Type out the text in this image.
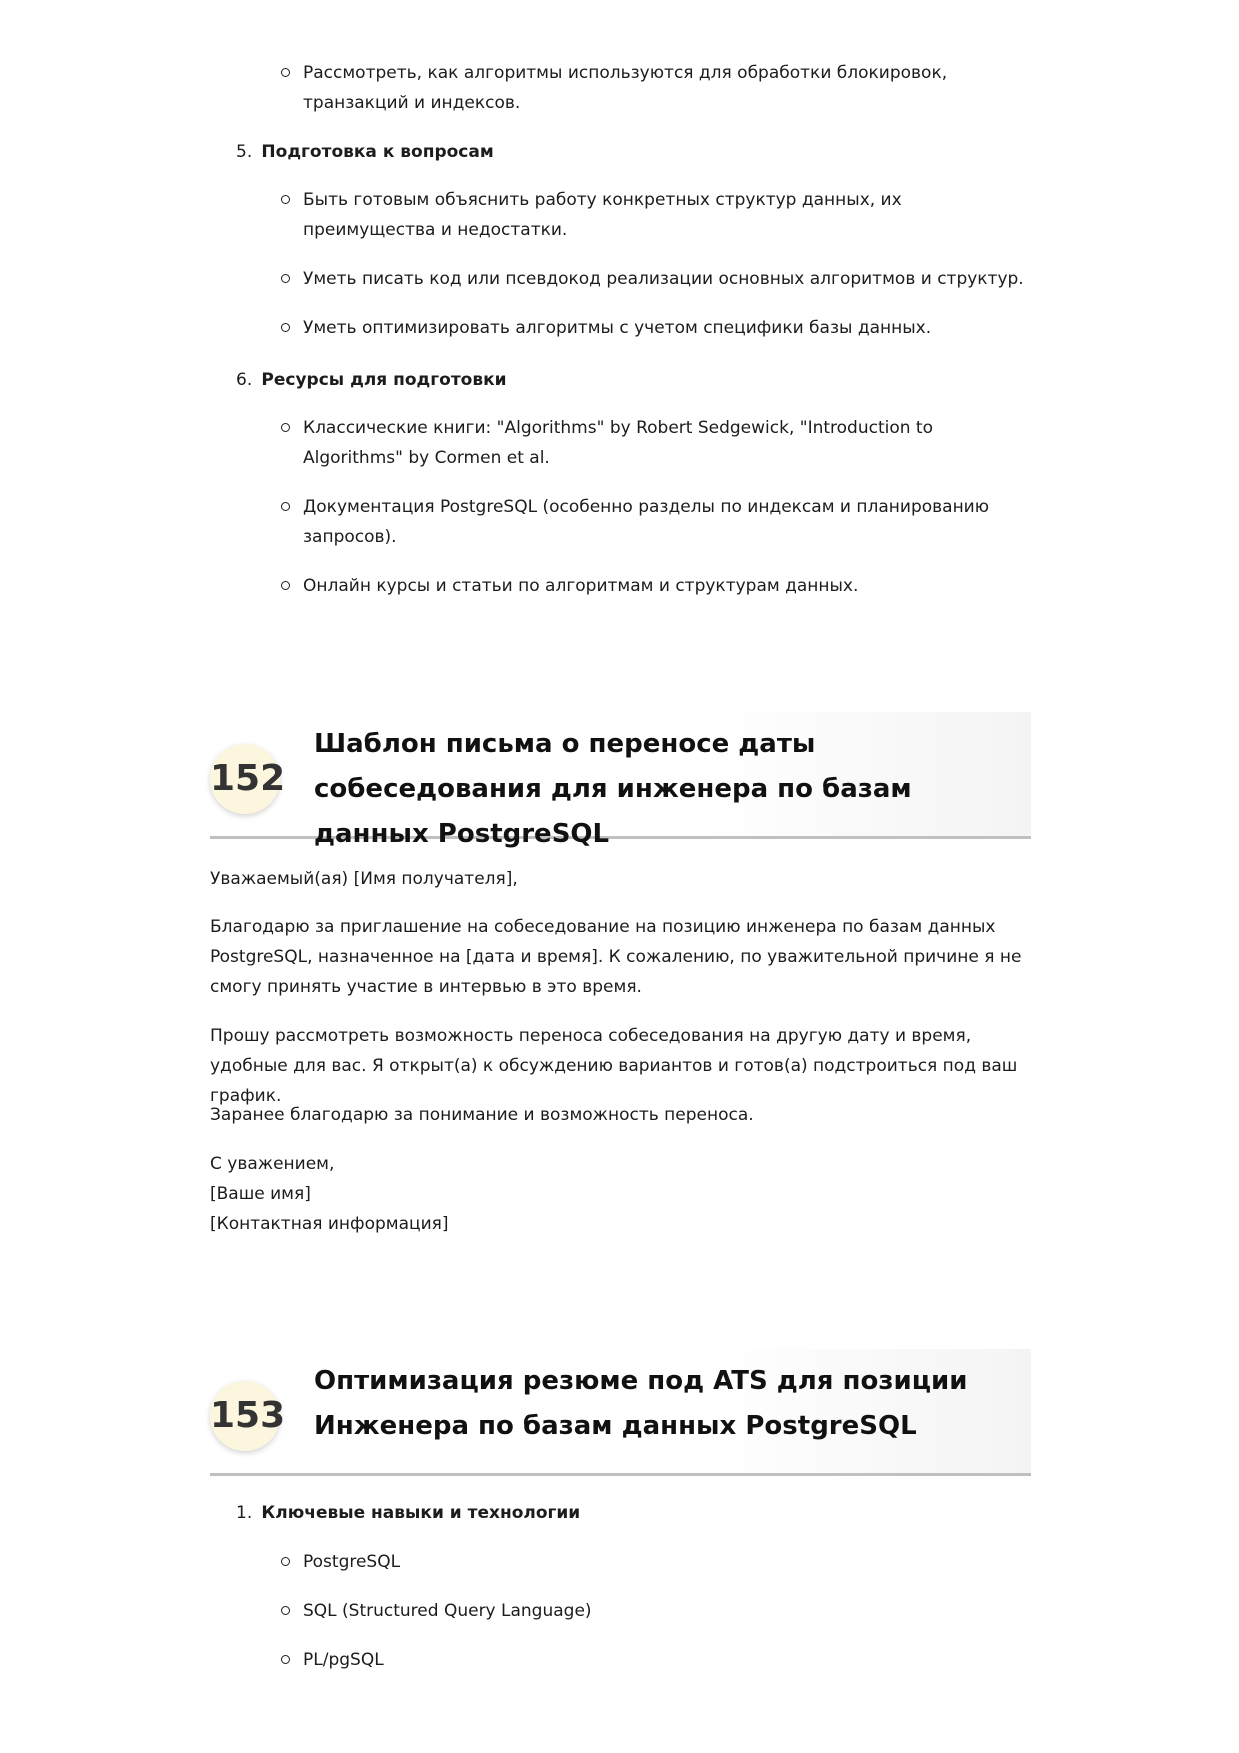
Рассмотреть, как алгоритмы используются для обработки блокировок, транзакций и индексов.
5. Подготовка к вопросам
Быть готовым объяснить работу конкретных структур данных, их преимущества и недостатки.
Уметь писать код или псевдокод реализации основных алгоритмов и структур.
Уметь оптимизировать алгоритмы с учетом специфики базы данных.
6. Ресурсы для подготовки
Классические книги: "Algorithms" by Robert Sedgewick, "Introduction to Algorithms" by Cormen et al.
Документация PostgreSQL (особенно разделы по индексам и планированию запросов).
Онлайн курсы и статьи по алгоритмам и структурам данных.
152
Шаблон письма о переносе даты собеседования для инженера по базам данных PostgreSQL

Уважаемый(ая) [Имя получателя],

Благодарю за приглашение на собеседование на позицию инженера по базам данных PostgreSQL, назначенное на [дата и время]. К сожалению, по уважительной причине я не смогу принять участие в интервью в это время.

Прошу рассмотреть возможность переноса собеседования на другую дату и время, удобные для вас. Я открыт(а) к обсуждению вариантов и готов(а) подстроиться под ваш график.

Заранее благодарю за понимание и возможность переноса.

С уважением,
[Ваше имя]
[Контактная информация]
153
Оптимизация резюме под ATS для позиции Инженера по базам данных PostgreSQL
1. Ключевые навыки и технологии
PostgreSQL
SQL (Structured Query Language)
PL/pgSQL
